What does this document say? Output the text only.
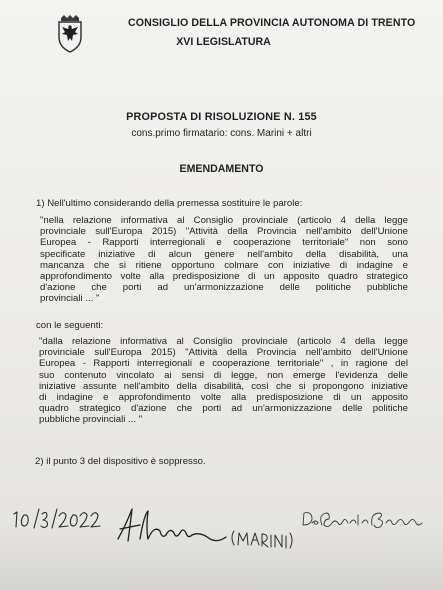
CONSIGLIO DELLA PROVINCIA AUTONOMA DI TRENTO
XVI LEGISLATURA
PROPOSTA DI RISOLUZIONE N. 155
cons.primo firmatario: cons. Marini + altri
EMENDAMENTO
1) Nell'ultimo considerando della premessa sostituire le parole:
"nella relazione informativa al Consiglio provinciale (articolo 4 della legge
provinciale sull'Europa 2015) "Attività della Provincia nell'ambito dell'Unione
Europea - Rapporti interregionali e cooperazione territoriale" non sono
specificate iniziative di alcun genere nell'ambito della disabilità, una
mancanza che si ritiene opportuno colmare con iniziative di indagine e
approfondimento volte alla predisposizione di un apposito quadro strategico
d'azione che porti ad un'armonizzazione delle politiche pubbliche
provinciali ... "
con le seguenti:
"dalla relazione informativa al Consiglio provinciale (articolo 4 della legge
provinciale sull'Europa 2015) "Attività della Provincia nell'ambito dell'Unione
Europea - Rapporti interregionali e cooperazione territoriale" , in ragione del
suo contenuto vincolato ai sensi di legge, non emerge l'evidenza delle
iniziative assunte nell'ambito della disabilità, così che si propongono iniziative
di indagine e approfondimento volte alla predisposizione di un apposito
quadro strategico d'azione che porti ad un'armonizzazione delle politiche
pubbliche provinciali ... "
2) il punto 3 del dispositivo è soppresso.
